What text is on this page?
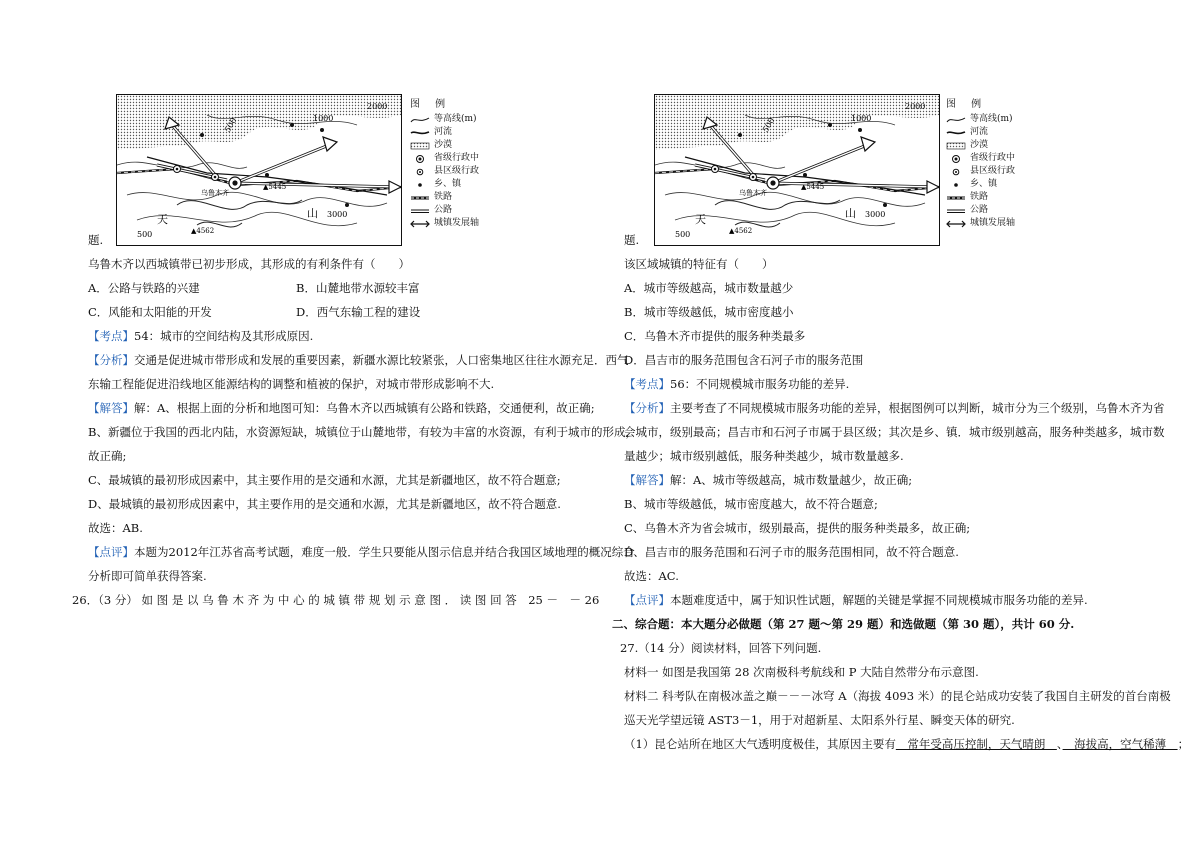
500	1000
2000
3000
500
▲5445
▲4562
乌鲁木齐
天	山
图 例
等高线(m)
河流
沙漠
省级行政中
县区级行政
乡、镇
铁路
公路
城镇发展轴
题.
乌鲁木齐以西城镇带已初步形成，其形成的有利条件有（　　）
A．公路与铁路的兴建	B．山麓地带水源较丰富
C．风能和太阳能的开发	D．西气东输工程的建设
【考点】54：城市的空间结构及其形成原因.
【分析】交通是促进城市带形成和发展的重要因素，新疆水源比较紧张，人口密集地区往往水源充足．西气
东输工程能促进沿线地区能源结构的调整和植被的保护，对城市带形成影响不大.
【解答】解：A、根据上面的分析和地图可知：乌鲁木齐以西城镇有公路和铁路，交通便利，故正确;
B、新疆位于我国的西北内陆，水资源短缺，城镇位于山麓地带，有较为丰富的水资源，有利于城市的形成，
故正确;
C、最城镇的最初形成因素中，其主要作用的是交通和水源，尤其是新疆地区，故不符合题意;
D、最城镇的最初形成因素中，其主要作用的是交通和水源，尤其是新疆地区，故不符合题意.
故选：AB.
【点评】本题为2012年江苏省高考试题，难度一般．学生只要能从图示信息并结合我国区域地理的概况综合
分析即可简单获得答案.
26．（3 分） 如 图 是 以 乌 鲁 木 齐 为 中 心 的 城 镇 带 规 划 示 意 图 ． 读 图 回 答　25 －　－ 26
500	1000
2000
3000
500
▲5445
▲4562
乌鲁木齐
天	山
图 例
等高线(m)
河流
沙漠
省级行政中
县区级行政
乡、镇
铁路
公路
城镇发展轴
题.
该区域城镇的特征有（　　）
A．城市等级越高，城市数量越少
B．城市等级越低，城市密度越小
C．乌鲁木齐市提供的服务种类最多
D．昌吉市的服务范围包含石河子市的服务范围
【考点】56：不同规模城市服务功能的差异.
【分析】主要考查了不同规模城市服务功能的差异，根据图例可以判断，城市分为三个级别，乌鲁木齐为省
会城市，级别最高；昌吉市和石河子市属于县区级；其次是乡、镇．城市级别越高，服务种类越多，城市数
量越少；城市级别越低，服务种类越少，城市数量越多.
【解答】解：A、城市等级越高，城市数量越少，故正确;
B、城市等级越低，城市密度越大，故不符合题意;
C、乌鲁木齐为省会城市，级别最高，提供的服务种类最多，故正确;
D、昌吉市的服务范围和石河子市的服务范围相同，故不符合题意.
故选：AC.
【点评】本题难度适中，属于知识性试题，解题的关键是掌握不同规模城市服务功能的差异.
二、综合题：本大题分必做题（第 27 题～第 29 题）和选做题（第 30 题），共计 60 分.
27.（14 分）阅读材料，回答下列问题.
材料一 如图是我国第 28 次南极科考航线和 P 大陆自然带分布示意图.
材料二 科考队在南极冰盖之巅－－－冰穹 A（海拔 4093 米）的昆仑站成功安装了我国自主研发的首台南极
巡天光学望远镜 AST3－1，用于对超新星、太阳系外行星、瞬变天体的研究.
（1）昆仑站所在地区大气透明度极佳，其原因主要有　常年受高压控制，天气晴朗　、　海拔高，空气稀薄　；
